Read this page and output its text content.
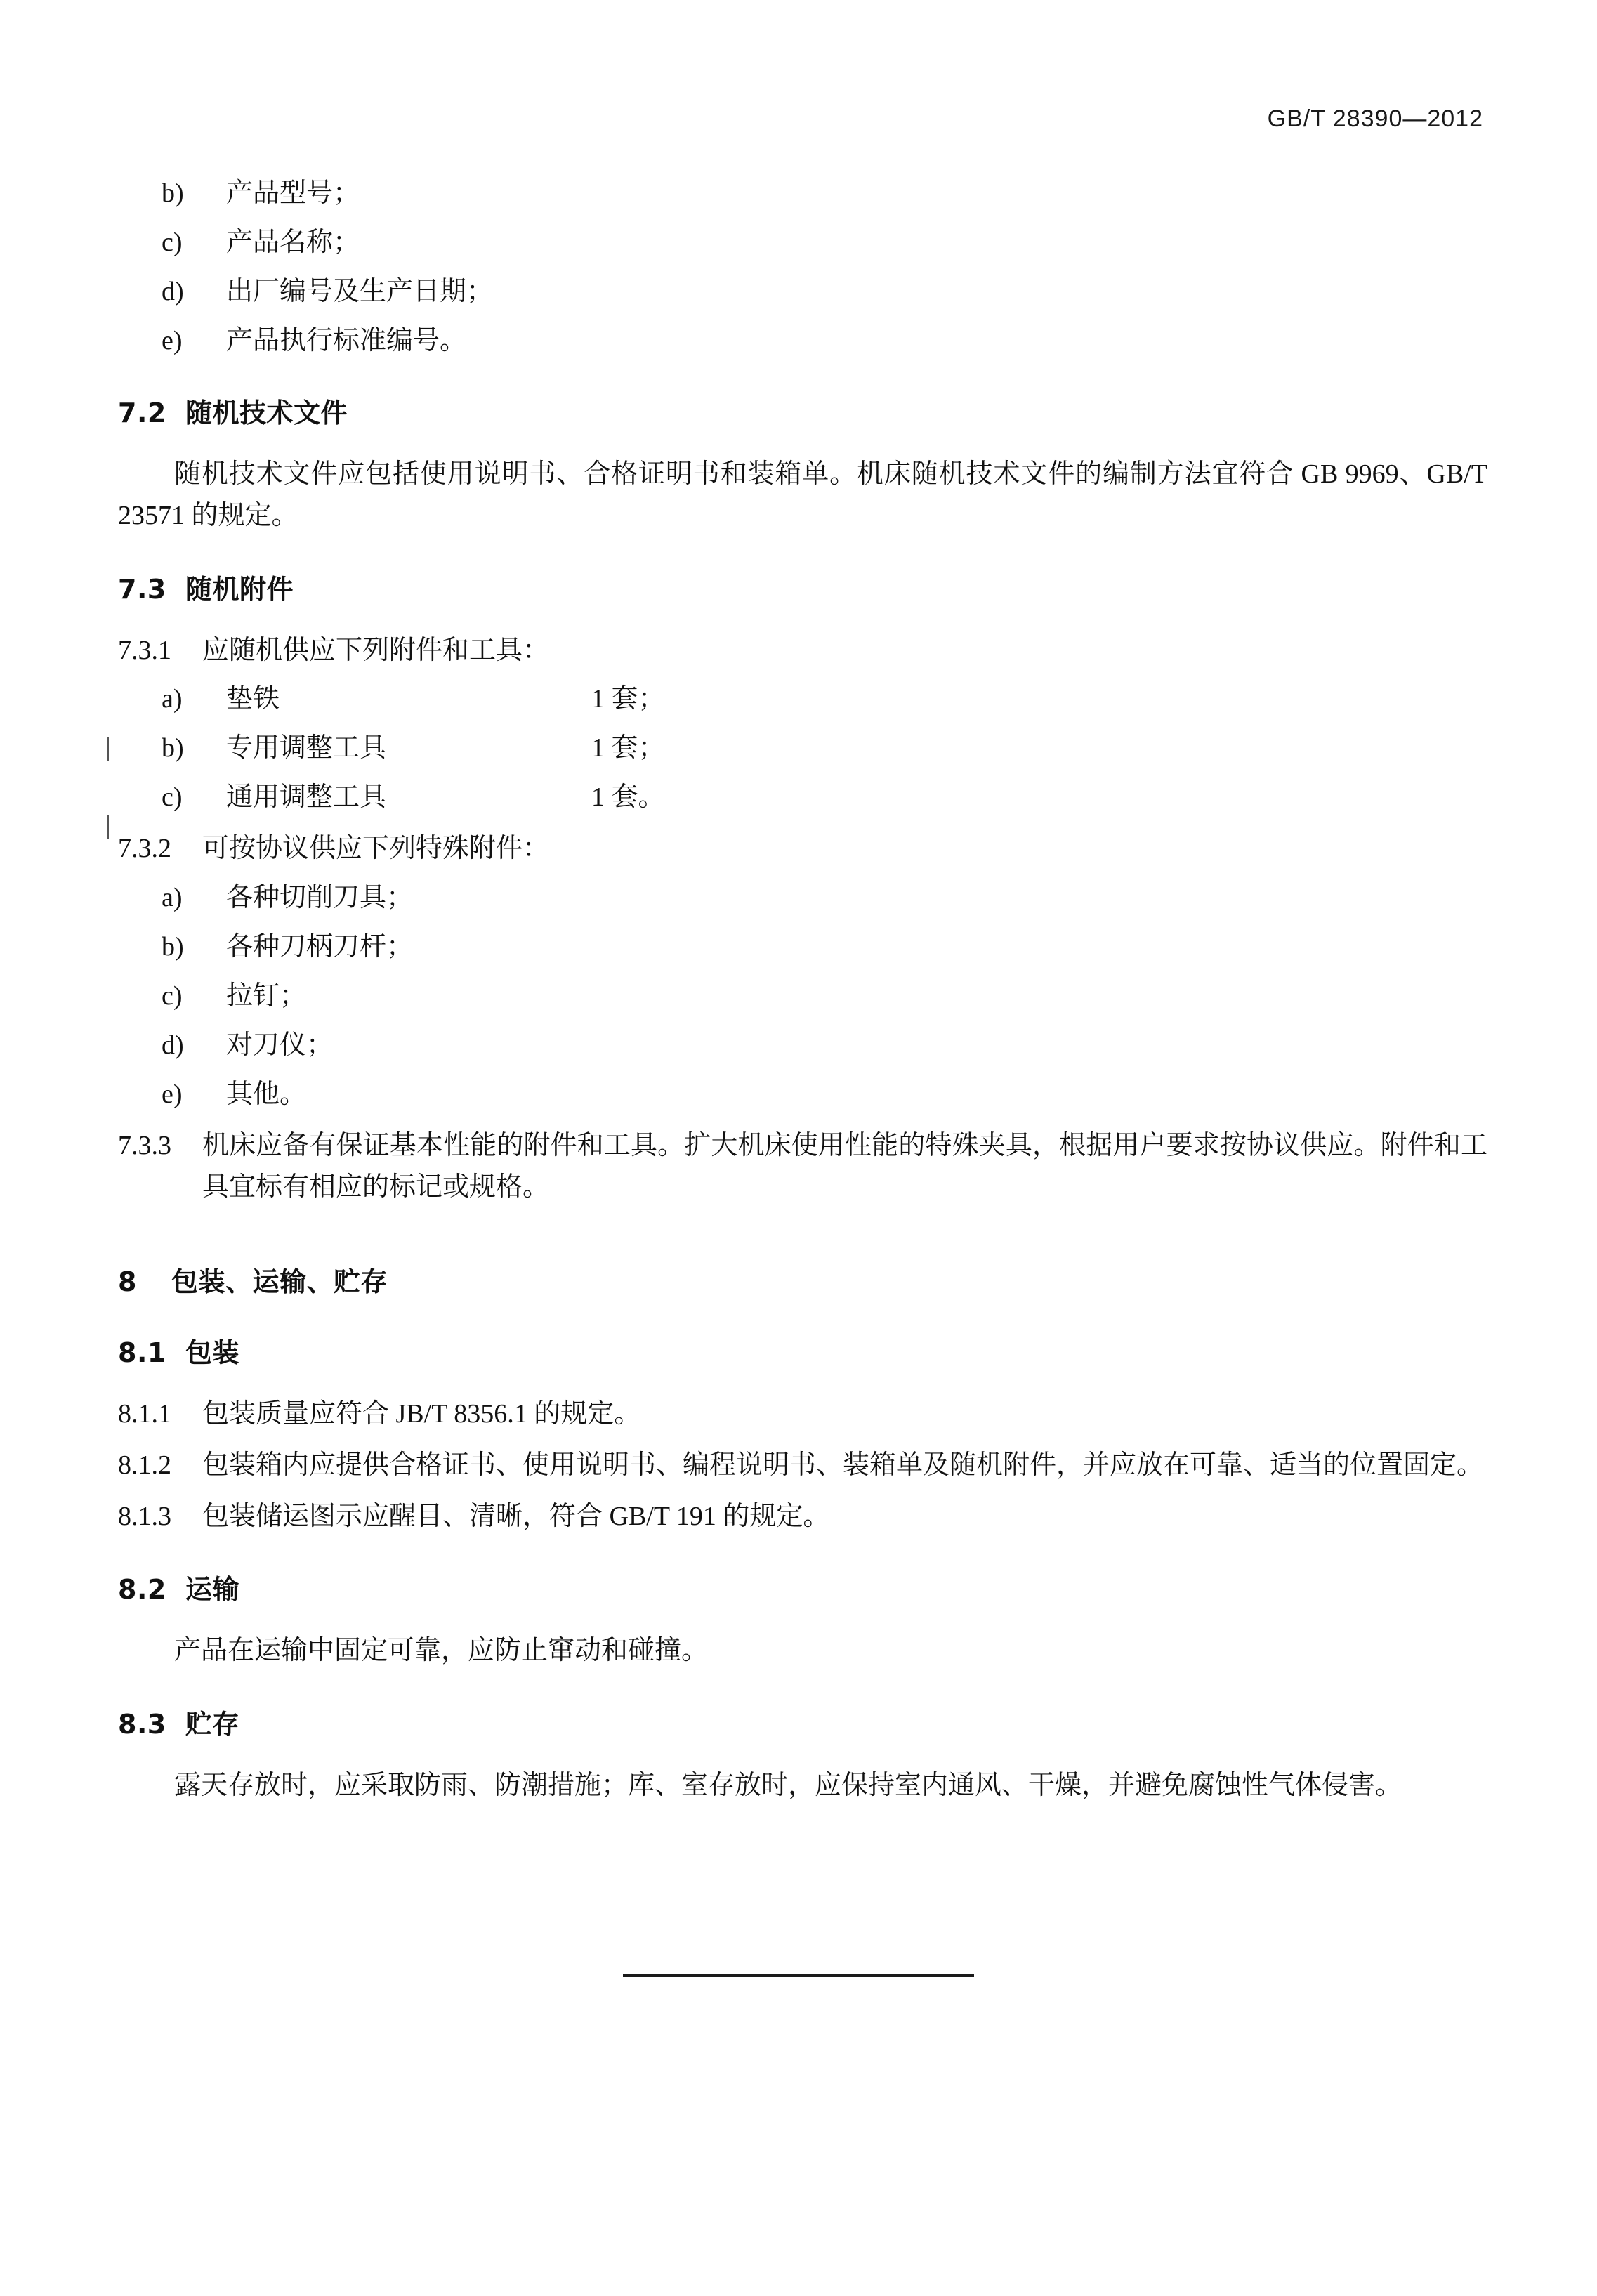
GB/T 28390—2012
b)	产品型号；
c)	产品名称；
d)	出厂编号及生产日期；
e)	产品执行标准编号。
7.2 随机技术文件

随机技术文件应包括使用说明书、合格证明书和装箱单。机床随机技术文件的编制方法宜符合 GB 9969、GB/T 23571 的规定。

7.3 随机附件
7.3.1	应随机供应下列附件和工具：
a)	垫铁	1 套；
b)	专用调整工具	1 套；
c)	通用调整工具	1 套。
7.3.2	可按协议供应下列特殊附件：
a)	各种切削刀具；
b)	各种刀柄刀杆；
c)	拉钉；
d)	对刀仪；
e)	其他。
7.3.3	机床应备有保证基本性能的附件和工具。扩大机床使用性能的特殊夹具，根据用户要求按协议供应。附件和工具宜标有相应的标记或规格。
8 包装、运输、贮存
8.1 包装
8.1.1	包装质量应符合 JB/T 8356.1 的规定。
8.1.2	包装箱内应提供合格证书、使用说明书、编程说明书、装箱单及随机附件，并应放在可靠、适当的位置固定。
8.1.3	包装储运图示应醒目、清晰，符合 GB/T 191 的规定。
8.2 运输

产品在运输中固定可靠，应防止窜动和碰撞。

8.3 贮存

露天存放时，应采取防雨、防潮措施；库、室存放时，应保持室内通风、干燥，并避免腐蚀性气体侵害。
